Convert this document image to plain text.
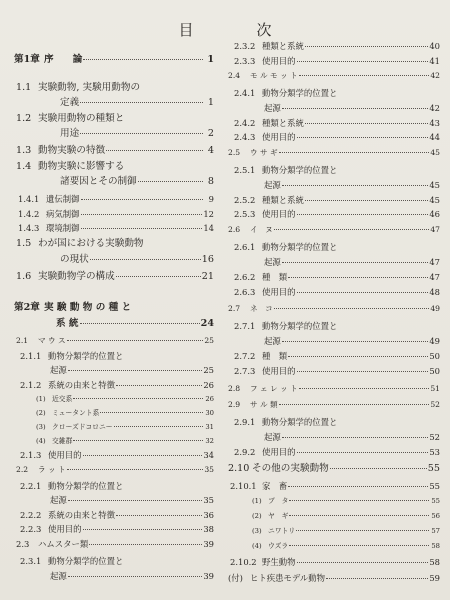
目　次
第1章 序　　論	1
1.1 実験動物, 実験用動物の
定義	1
1.2 実験用動物の種類と
用途	2
1.3 動物実験の特徴	4
1.4 動物実験に影響する
諸要因とその制御	8
1.4.1 遺伝制御	9
1.4.2 病気制御	12
1.4.3 環境制御	14
1.5 わが国における実験動物
の現状	16
1.6 実験動物学の構成	21
第2章 実 験 動 物 の 種 と
系 統	24
2.1	マ ウ ス	25
2.1.1 動物分類学的位置と
起源	25
2.1.2 系統の由来と特徴	26
(1) 近交系	26
(2) ミュータント系	30
(3) クローズドコロニー	31
(4) 交雑群	32
2.1.3 使用目的	34
2.2	ラ ッ ト	35
2.2.1 動物分類学的位置と
起源	35
2.2.2 系統の由来と特徴	36
2.2.3 使用目的	38
2.3	ハムスター類	39
2.3.1 動物分類学的位置と
起源	39
2.3.2 種類と系統	40
2.3.3 使用目的	41
2.4	モ ル モ ッ ト	42
2.4.1 動物分類学的位置と
起源	42
2.4.2 種類と系統	43
2.4.3 使用目的	44
2.5	ウ サ ギ	45
2.5.1 動物分類学的位置と
起源	45
2.5.2 種類と系統	45
2.5.3 使用目的	46
2.6	イ　ヌ	47
2.6.1 動物分類学的位置と
起源	47
2.6.2 種　類	47
2.6.3 使用目的	48
2.7	ネ　コ	49
2.7.1 動物分類学的位置と
起源	49
2.7.2 種　類	50
2.7.3 使用目的	50
2.8	フ ェ レ ッ ト	51
2.9	サ ル 類	52
2.9.1 動物分類学的位置と
起源	52
2.9.2 使用目的	53
2.10 その他の実験動物	55
2.10.1 家　畜	55
(1) ブ　タ	55
(2) ヤ　ギ	56
(3) ニワトリ	57
(4) ウズラ	58
2.10.2 野生動物	58
(付) ヒト疾患モデル動物	59
